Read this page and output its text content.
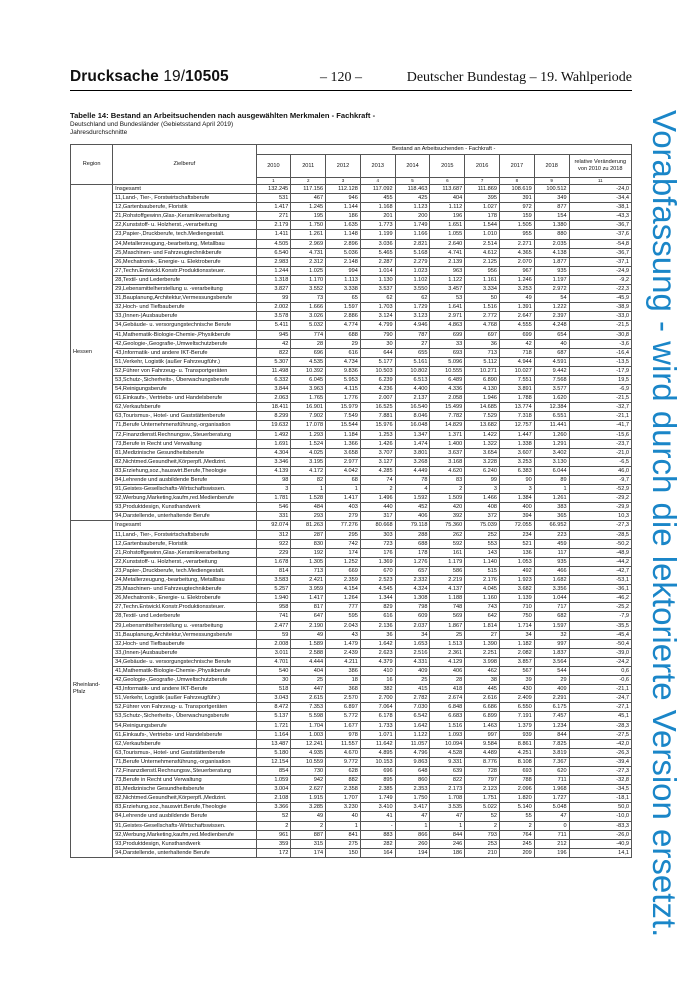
Drucksache 19/10505	– 120 –	Deutscher Bundestag – 19. Wahlperiode
Tabelle 14: Bestand an Arbeitsuchenden nach ausgewählten Merkmalen - Fachkraft -
Deutschland und Bundesländer (Gebietsstand April 2019)
Jahresdurchschnitte	Vorabfassung - wird durch die lektorierte Version ersetzt.
Region	Zielberuf	Bestand an Arbeitsuchenden - Fachkraft -									
		2010	2011	2012	2013	2014	2015	2016	2017	2018	relative Veränderung von 2010 zu 2018
		1	2	3	4	5	6	7	8	9	11
Hessen	Insgesamt	132.245	117.156	112.128	117.092	118.463	113.687	111.869	108.619	100.512	-24,0
	11,Land-, Tier-, Forstwirtschaftsberufe	531	467	946	455	425	404	395	391	349	-34,4
	12,Gartenbauberufe, Floristik	1.417	1.245	1.144	1.168	1.123	1.112	1.027	972	877	-38,1
	21,Rohstoffgewinn,Glas-,Keramikverarbeitung	271	195	186	201	200	196	178	159	154	-43,3
	22,Kunststoff- u. Holzherst.,-verarbeitung	2.179	1.750	1.635	1.773	1.749	1.651	1.544	1.505	1.380	-36,7
	23,Papier-,Druckberufe, tech.Mediengestalt.	1.411	1.261	1.148	1.199	1.166	1.055	1.010	955	880	-37,6
	24,Metallerzeugung,-bearbeitung, Metallbau	4.505	2.969	2.896	3.036	2.821	2.640	2.514	2.271	2.035	-54,8
	25,Maschinen- und Fahrzeugtechnikberufe	6.540	4.731	5.036	5.465	5.168	4.741	4.612	4.365	4.138	-36,7
	26,Mechatronik-, Energie- u. Elektroberufe	2.983	2.312	2.148	2.287	2.279	2.139	2.125	2.070	1.877	-37,1
	27,Techn.Entwickl.Konstr.Produktionssteuer.	1.244	1.025	994	1.014	1.023	963	956	967	935	-24,9
	28,Textil- und Lederberufe	1.318	1.170	1.113	1.130	1.102	1.122	1.161	1.246	1.197	-9,2
	29,Lebensmittelherstellung u. -verarbeitung	3.827	3.552	3.338	3.537	3.550	3.457	3.334	3.253	2.972	-22,3
	31,Bauplanung,Architektur,Vermessungsberufe	99	73	65	62	62	53	50	49	54	-45,9
	32,Hoch- und Tiefbauberufe	2.002	1.666	1.597	1.703	1.729	1.641	1.516	1.391	1.222	-38,9
	33,(Innen-)Ausbauberufe	3.578	3.026	2.886	3.124	3.123	2.971	2.772	2.647	2.397	-33,0
	34,Gebäude- u. versorgungstechnische Berufe	5.411	5.032	4.774	4.799	4.946	4.863	4.768	4.555	4.248	-21,5
	41,Mathematik-Biologie-Chemie-,Physikberufe	945	774	688	790	787	699	697	699	654	-30,8
	42,Geologie-,Geografie-,Umweltschutzberufe	42	28	29	30	27	33	36	42	40	-3,6
	43,Informatik- und andere IKT-Berufe	822	696	616	644	655	693	713	718	687	-16,4
	51,Verkehr, Logistik (außer Fahrzeugführ.)	5.307	4.535	4.734	5.177	5.161	5.096	5.112	4.944	4.591	-13,5
	52,Führer von Fahrzeug- u. Transportgeräten	11.498	10.392	9.836	10.503	10.802	10.555	10.271	10.027	9.442	-17,9
	53,Schutz-,Sicherheits-, Überwachungsberufe	6.332	6.045	5.953	6.239	6.513	6.489	6.890	7.551	7.568	19,5
	54,Reinigungsberufe	3.844	3.963	4.115	4.236	4.400	4.336	4.130	3.891	3.577	-6,9
	61,Einkaufs-, Vertriebs- und Handelsberufe	2.063	1.765	1.776	2.007	2.137	2.058	1.946	1.788	1.620	-21,5
	62,Verkaufsberufe	18.411	16.901	15.979	16.525	16.540	15.499	14.685	13.774	12.384	-32,7
	63,Tourismus-, Hotel- und Gaststättenberufe	8.299	7.902	7.549	7.881	8.046	7.782	7.529	7.318	6.551	-21,1
	71,Berufe Unternehmensführung,-organisation	19.632	17.078	15.544	15.976	16.048	14.829	13.682	12.757	11.441	-41,7
	72,Finanzdienstl.Rechnungsw.,Steuerberatung	1.492	1.293	1.184	1.253	1.347	1.371	1.422	1.447	1.260	-15,6
	73,Berufe in Recht und Verwaltung	1.691	1.524	1.366	1.426	1.474	1.400	1.322	1.338	1.291	-23,7
	81,Medizinische Gesundheitsberufe	4.304	4.025	3.658	3.707	3.801	3.637	3.654	3.607	3.402	-21,0
	82,Nichtmed.Gesundheit,Körperpfl.,Medizint.	3.346	3.195	2.977	3.127	3.268	3.168	3.228	3.253	3.130	-6,5
	83,Erziehung,soz.,hauswirt.Berufe,Theologie	4.139	4.172	4.042	4.285	4.449	4.620	6.240	6.383	6.044	46,0
	84,Lehrende und ausbildende Berufe	98	82	68	74	78	83	99	90	89	-9,7
	91,Geistes-Gesellschafts-Wirtschaftswissen.	3	1	1	2	4	2	3	3	1	-52,9
	92,Werbung,Marketing,kaufm,red.Medienberufe	1.781	1.528	1.417	1.496	1.592	1.509	1.466	1.384	1.261	-29,2
	93,Produktdesign, Kunsthandwerk	546	484	403	440	452	420	408	400	383	-29,9
	94,Darstellende, unterhaltende Berufe	331	293	279	317	406	392	372	394	365	10,3
Rheinland-Pfalz	Insgesamt	92.074	81.263	77.276	80.668	79.118	75.360	75.039	72.055	66.952	-27,3
	11,Land-, Tier-, Forstwirtschaftsberufe	312	287	295	303	288	262	252	234	223	-28,5
	12,Gartenbauberufe, Floristik	922	830	742	723	688	592	553	521	459	-50,2
	21,Rohstoffgewinn,Glas-,Keramikverarbeitung	229	192	174	176	178	161	143	136	117	-48,9
	22,Kunststoff- u. Holzherst.,-verarbeitung	1.678	1.305	1.252	1.369	1.276	1.179	1.140	1.053	935	-44,2
	23,Papier-,Druckberufe, tech.Mediengestalt.	814	713	669	670	657	586	515	492	466	-42,7
	24,Metallerzeugung,-bearbeitung, Metallbau	3.583	2.421	2.359	2.523	2.332	2.219	2.176	1.923	1.682	-53,1
	25,Maschinen- und Fahrzeugtechnikberufe	5.257	3.959	4.154	4.545	4.324	4.137	4.045	3.682	3.356	-36,1
	26,Mechatronik-, Energie- u. Elektroberufe	1.940	1.417	1.264	1.344	1.308	1.188	1.160	1.139	1.044	-46,2
	27,Techn.Entwickl.Konstr.Produktionssteuer.	958	817	777	829	798	748	743	710	717	-25,2
	28,Textil- und Lederberufe	741	647	595	616	609	569	642	750	682	-7,9
	29,Lebensmittelherstellung u. -verarbeitung	2.477	2.190	2.043	2.136	2.037	1.867	1.814	1.714	1.597	-35,5
	31,Bauplanung,Architektur,Vermessungsberufe	59	49	43	36	34	25	27	34	32	-45,4
	32,Hoch- und Tiefbauberufe	2.008	1.589	1.479	1.642	1.653	1.513	1.390	1.182	997	-50,4
	33,(Innen-)Ausbauberufe	3.011	2.588	2.439	2.623	2.516	2.361	2.251	2.082	1.837	-39,0
	34,Gebäude- u. versorgungstechnische Berufe	4.701	4.444	4.211	4.379	4.331	4.129	3.998	3.857	3.564	-24,2
	41,Mathematik-Biologie-Chemie-,Physikberufe	540	404	386	410	409	406	462	567	544	0,6
	42,Geologie-,Geografie-,Umweltschutzberufe	30	25	18	16	25	28	38	39	29	-0,6
	43,Informatik- und andere IKT-Berufe	518	447	368	382	415	418	445	430	409	-21,1
	51,Verkehr, Logistik (außer Fahrzeugführ.)	3.043	2.615	2.570	2.700	2.782	2.674	2.616	2.409	2.291	-24,7
	52,Führer von Fahrzeug- u. Transportgeräten	8.472	7.353	6.897	7.064	7.030	6.848	6.686	6.550	6.175	-27,1
	53,Schutz-,Sicherheits-, Überwachungsberufe	5.137	5.598	5.772	6.178	6.542	6.683	6.899	7.191	7.457	45,1
	54,Reinigungsberufe	1.721	1.704	1.677	1.733	1.642	1.516	1.463	1.379	1.234	-28,3
	61,Einkaufs-, Vertriebs- und Handelsberufe	1.164	1.003	978	1.071	1.122	1.093	997	939	844	-27,5
	62,Verkaufsberufe	13.487	12.241	11.557	11.642	11.057	10.094	9.584	8.861	7.825	-42,0
	63,Tourismus-, Hotel- und Gaststättenberufe	5.180	4.935	4.670	4.895	4.796	4.528	4.489	4.251	3.819	-26,3
	71,Berufe Unternehmensführung,-organisation	12.154	10.559	9.772	10.153	9.863	9.331	8.776	8.108	7.367	-39,4
	72,Finanzdienstl.Rechnungsw.,Steuerberatung	854	730	628	696	648	639	728	693	620	-27,3
	73,Berufe in Recht und Verwaltung	1.059	942	882	895	860	822	797	788	711	-32,8
	81,Medizinische Gesundheitsberufe	3.004	2.627	2.358	2.385	2.353	2.173	2.123	2.096	1.968	-34,5
	82,Nichtmed.Gesundheit,Körperpfl.,Medizint.	2.108	1.915	1.707	1.749	1.750	1.708	1.751	1.820	1.727	-18,1
	83,Erziehung,soz.,hauswirt.Berufe,Theologie	3.366	3.285	3.230	3.410	3.417	3.535	5.022	5.140	5.048	50,0
	84,Lehrende und ausbildende Berufe	52	49	40	41	47	47	52	55	47	-10,0
	91,Geistes-Gesellschafts-Wirtschaftswissen.	2	2	1	-	1	1	2	2	0	-83,3
	92,Werbung,Marketing,kaufm,red.Medienberufe	961	887	841	883	866	844	793	764	711	-26,0
	93,Produktdesign, Kunsthandwerk	359	315	275	282	260	246	253	245	212	-40,9
	94,Darstellende, unterhaltende Berufe	172	174	150	164	194	186	210	209	196	14,1
